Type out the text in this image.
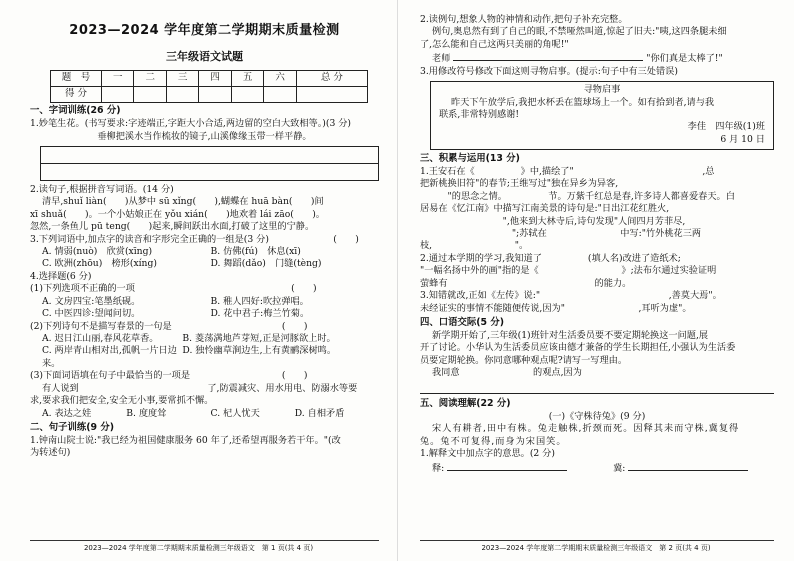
2023—2024 学年度第二学期期末质量检测
三年级语文试题
题　号	一	二	三	四	五	六	总 分
得 分							
一、字词训练(26 分)

1.妙笔生花。(书写要求:字迹端正,字距大小合适,两边留的空白大致相等。)(3 分)

垂柳把溪水当作梳妆的镜子,山溪像缘玉带一样平静。

2.读句子,根据拼音写词语。(14 分)

清早,shuǐ liàn(　　)从梦中 sū xǐng(　　),蝴蝶在 huā bàn(　　)间

xī shuǎ(　　)。一个小姑娘正在 yǒu xián(　　)地欢着 lái zāo(　　)。

忽然,一条鱼儿 pū teng(　　)起来,瞬间跃出水面,打破了这里的宁静。

3.下列词语中,加点字的读音和字形完全正确的一组是(3 分)　　　　　　　(　　)

A. 情弱(nuò)　欣赏(xīng)	B. 仿佛(fú)　休息(xī)
C. 欧洲(zhōu)　榜形(xíng)	D. 舞蹈(dǎo)　门缝(tèng)

4.选择题(6 分)

(1)下列选项不正确的一项　　　　　　　　　　　　　　　　　(　　)

A. 文房四宝:笔墨纸砚。	B. 稚人四好:吹拉弹唱。
C. 中医四诊:望闻问切。	D. 花中君子:梅兰竹菊。

(2)下列诗句不是描写春景的一句是　　　　　　　　　　　　(　　)

A. 迟日江山丽,春风花草香。	B. 菱荡满地芦芽短,正是河豚欲上时。
C. 两岸青山相对出,孤帆一片日边来。
D. 独怜幽草涧边生,上有黄鹂深树鸣。

(3)下面词语填在句子中最恰当的一项是　　　　　　　　　　(　　)

有人说到　　　　　　　　　　　　　　了,防震减灾、用水用电、防溺水等要

求,要求我们把安全,安全无小事,要常抓不懈。

A. 表达之娃	B. 度度耸	C. 杞人忧天	D. 自相矛盾
二、句子训练(9 分)

1.钟南山院士说:"我已经为祖国健康服务 60 年了,还希望再服务若干年。"(改

为转述句)

2023—2024 学年度第二学期期末质量检测三年级语文　第 1 页(共 4 页)

2.读例句,想象人物的神情和动作,把句子补充完整。

例句,奥息然有到了自己的眼,不禁哑然叫道,惊起了旧夫:"咦,这四条腿未细

了,怎么能和自己这两只美丽的角呢!"

老师	"你们真是太棒了!"

3.用修改符号修改下面这则寻物启事。(提示:句子中有三处错误)

寻物启事
昨天下午放学后,我把水杯丢在篮球场上一个。如有拾到者,请与我
联系,非常特别感谢!
李佳　四年级(1)班
6 月 10 日
三、积累与运用(13 分)

1.王安石在《　　　　　》中,描绘了"　　　　　　　　　　　　　　,总

把新桃换旧符"的春节;王维写过"独在异乡为异客,　　　　　　　　　　

　　　"的思念之情。　　　　　节。万紫千红总是春,许多诗人都喜爱春天。白

居易在《忆江南》中描写江南美景的诗句是:"日出江花红胜火,

　　　　　　　　　",他来到大林寺后,诗句发现"人间四月芳菲尽,

　　　　　　　　　　";苏轼在　　　　　　　　中写:"竹外桃花三两

枝,　　　　　　　　　"。

2.通过本学期的学习,我知道了　　　　　(填人名)改进了造纸术;

"一幅名扬中外的画"指的是《　　　　　　　　　》;法布尔通过实验证明

萤蜂有　　　　　　　　　　　　　　　　的能力。

3.知错就改,正如《左传》说:"　　　　　　　　　　　　　　,善莫大焉"。

未经证实的事情不能随便传说,因为"　　　　　　　　,耳听为虚"。

四、口语交际(5 分)

新学期开始了,三年级(1)班针对生活委员要不要定期轮换这一问题,展

开了讨论。小华认为生活委员应该由德才兼备的学生长期担任,小强认为生活委

员要定期轮换。你同意哪种观点呢?请写一写理由。

我同意　　　　　　　　的观点,因为　　　　　　　　　　　　　　　　　

五、阅读理解(22 分)

(一)《守株待兔》(9 分)

宋人有耕者,田中有株。兔走触株,折颈而死。因释其耒而守株,冀复得

兔。兔不可复得,而身为宋国笑。

1.解释文中加点字的意思。(2 分)

释:	冀:

2023—2024 学年度第二学期期末质量检测三年级语文　第 2 页(共 4 页)
